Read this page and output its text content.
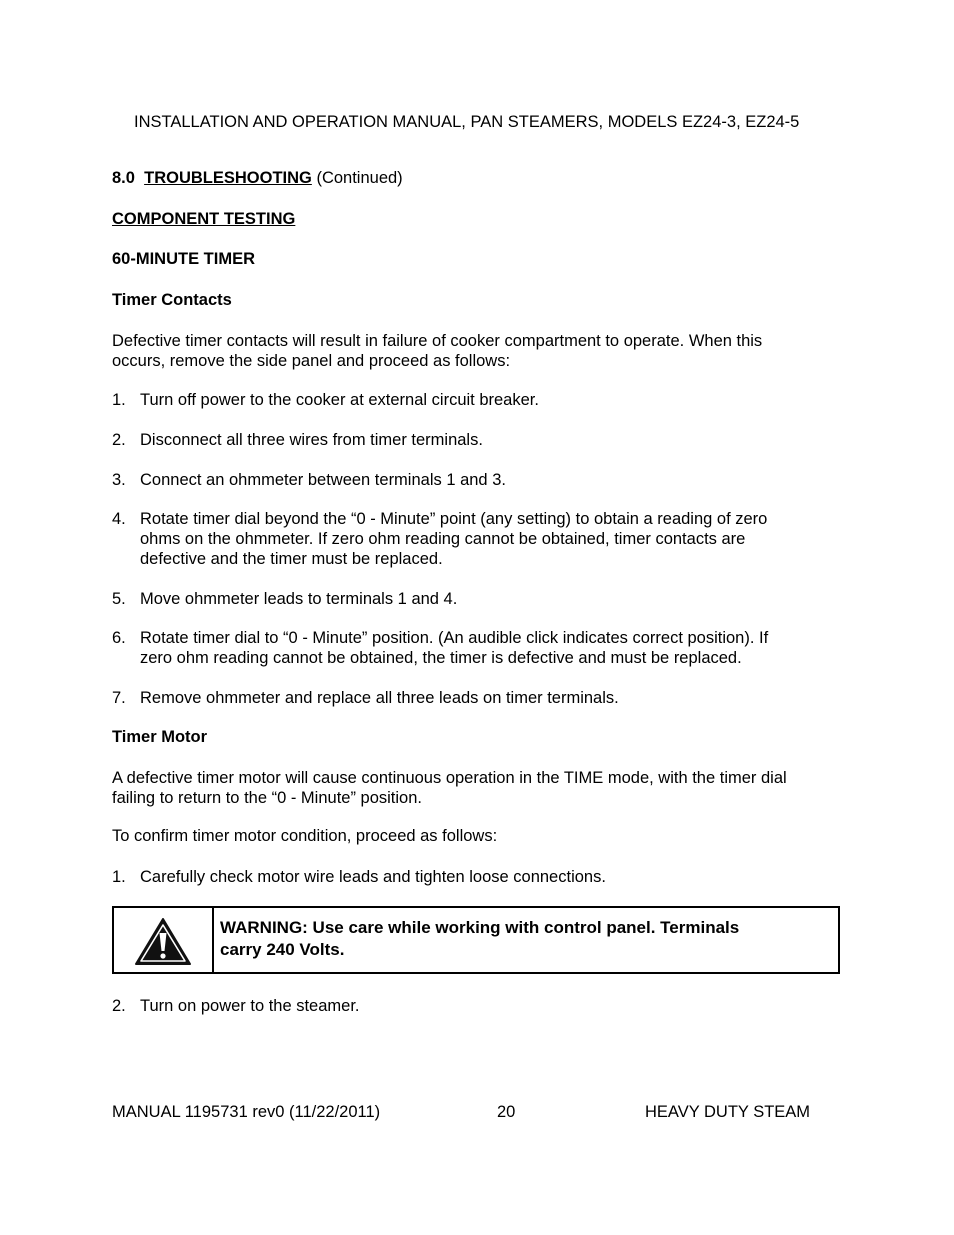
INSTALLATION AND OPERATION MANUAL, PAN STEAMERS, MODELS EZ24-3, EZ24-5
8.0 TROUBLESHOOTING (Continued)
COMPONENT TESTING
60-MINUTE TIMER
Timer Contacts
Defective timer contacts will result in failure of cooker compartment to operate. When this
occurs, remove the side panel and proceed as follows:
1. Turn off power to the cooker at external circuit breaker.
2. Disconnect all three wires from timer terminals.
3. Connect an ohmmeter between terminals 1 and 3.
4. Rotate timer dial beyond the “0 - Minute” point (any setting) to obtain a reading of zero
ohms on the ohmmeter. If zero ohm reading cannot be obtained, timer contacts are
defective and the timer must be replaced.
5. Move ohmmeter leads to terminals 1 and 4.
6. Rotate timer dial to “0 - Minute” position. (An audible click indicates correct position). If
zero ohm reading cannot be obtained, the timer is defective and must be replaced.
7. Remove ohmmeter and replace all three leads on timer terminals.
Timer Motor
A defective timer motor will cause continuous operation in the TIME mode, with the timer dial
failing to return to the “0 - Minute” position.
To confirm timer motor condition, proceed as follows:
1. Carefully check motor wire leads and tighten loose connections.
WARNING: Use care while working with control panel. Terminals
carry 240 Volts.
2. Turn on power to the steamer.
MANUAL 1195731 rev0 (11/22/2011)	20	HEAVY DUTY STEAM
